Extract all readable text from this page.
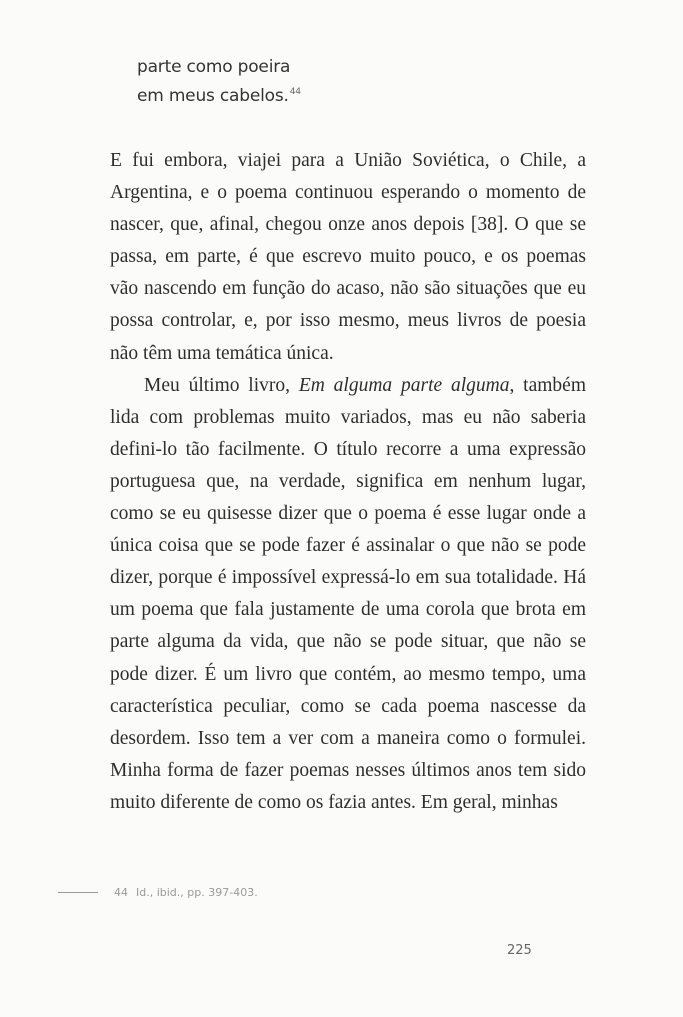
parte como poeira
em meus cabelos.$^{44}$

E fui embora, viajei para a União Soviética, o Chile, a Argentina, e o poema continuou esperando o momento de nascer, que, afinal, chegou onze anos depois [38]. O que se passa, em parte, é que escrevo muito pouco, e os poemas vão nascendo em função do acaso, não são situações que eu possa controlar, e, por isso mesmo, meus livros de poesia não têm uma temática única.

Meu último livro, Em alguma parte alguma, também lida com problemas muito variados, mas eu não saberia defini-lo tão facilmente. O título recorre a uma expressão portuguesa que, na verdade, significa em nenhum lugar, como se eu quisesse dizer que o poema é esse lugar onde a única coisa que se pode fazer é assinalar o que não se pode dizer, porque é impossível expressá-lo em sua totalidade. Há um poema que fala justamente de uma corola que brota em parte alguma da vida, que não se pode situar, que não se pode dizer. É um livro que contém, ao mesmo tempo, uma característica peculiar, como se cada poema nascesse da desordem. Isso tem a ver com a maneira como o formulei. Minha forma de fazer poemas nesses últimos anos tem sido muito diferente de como os fazia antes. Em geral, minhas

44 Id., ibid., pp. 397-403.
225
